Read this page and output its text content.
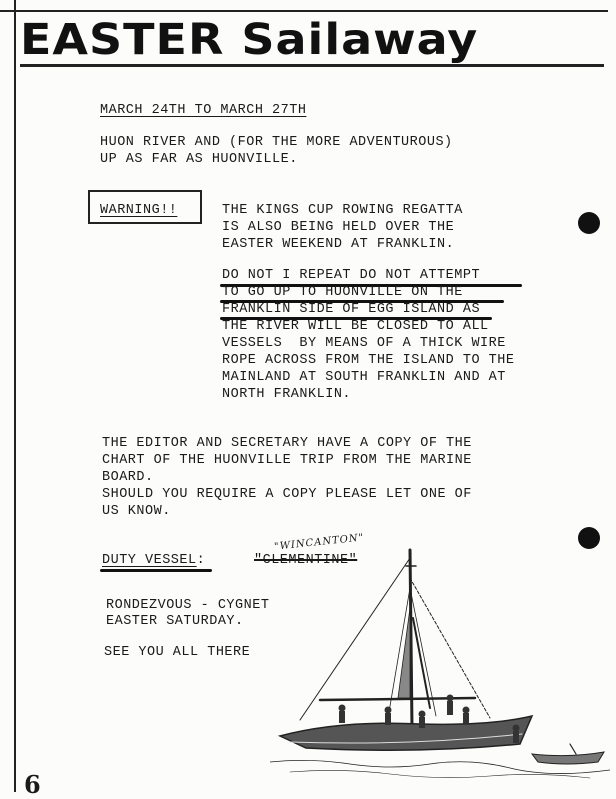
EASTER Sailaway
MARCH 24TH TO MARCH 27TH
HUON RIVER AND (FOR THE MORE ADVENTUROUS)
UP AS FAR AS HUONVILLE.
WARNING!!	THE KINGS CUP ROWING REGATTA
IS ALSO BEING HELD OVER THE
EASTER WEEKEND AT FRANKLIN.
DO NOT I REPEAT DO NOT ATTEMPT
TO GO UP TO HUONVILLE ON THE
FRANKLIN SIDE OF EGG ISLAND AS
THE RIVER WILL BE CLOSED TO ALL
VESSELS  BY MEANS OF A THICK WIRE
ROPE ACROSS FROM THE ISLAND TO THE
MAINLAND AT SOUTH FRANKLIN AND AT
NORTH FRANKLIN.
THE EDITOR AND SECRETARY HAVE A COPY OF THE
CHART OF THE HUONVILLE TRIP FROM THE MARINE
BOARD.
SHOULD YOU REQUIRE A COPY PLEASE LET ONE OF
US KNOW.
DUTY VESSEL:
"WINCANTON"
"CLEMENTINE"
RONDEZVOUS - CYGNET
EASTER SATURDAY.
SEE YOU ALL THERE
6
